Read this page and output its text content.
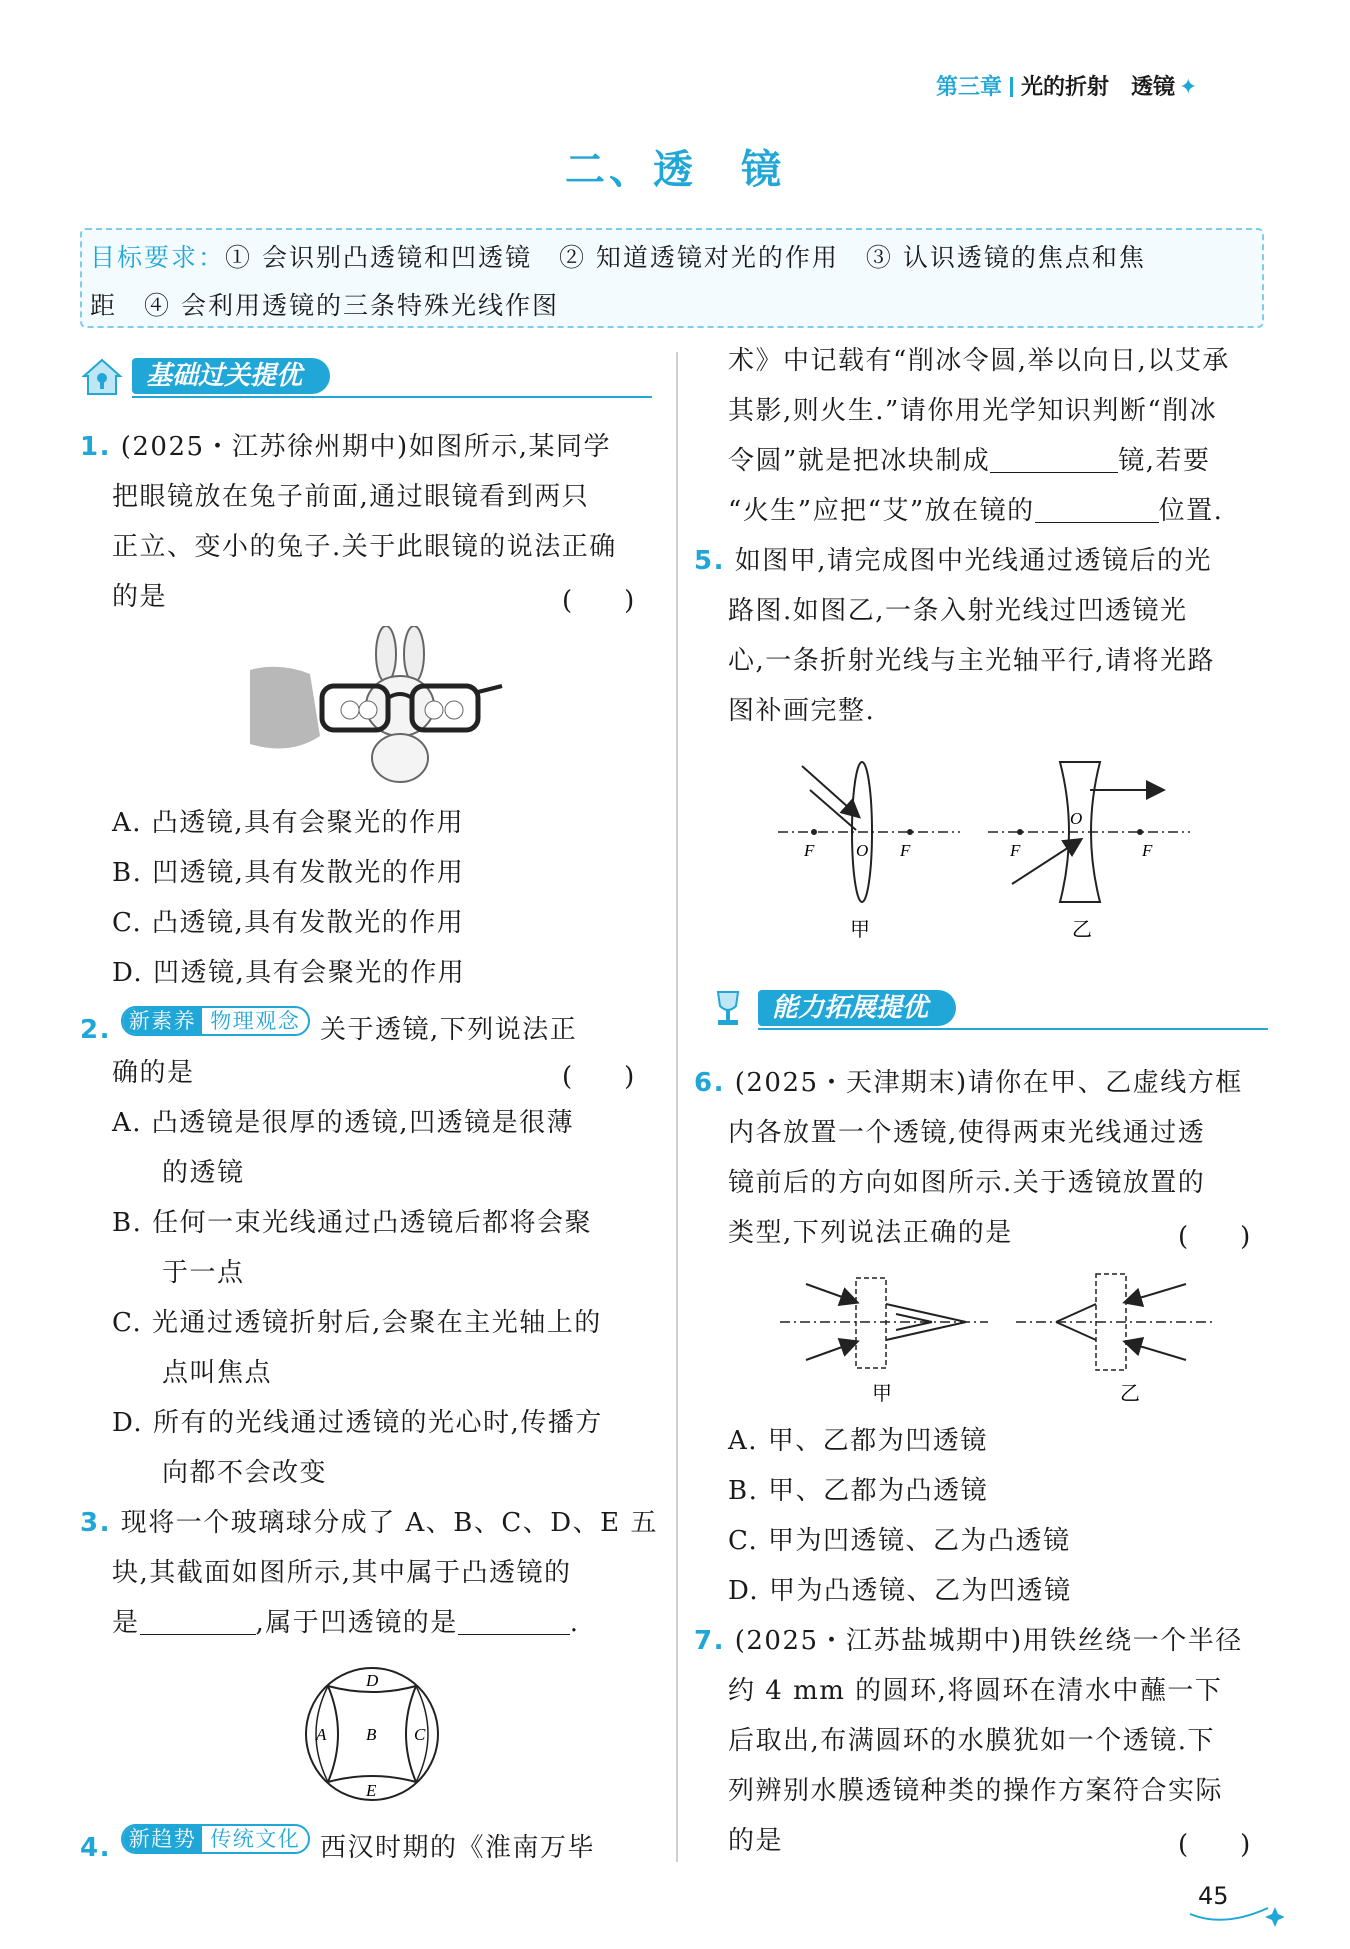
第三章 光的折射　透镜 ✦
二、透　镜
目标要求：① 会识别凸透镜和凹透镜　② 知道透镜对光的作用　③ 认识透镜的焦点和焦
距　④ 会利用透镜的三条特殊光线作图
基础过关提优
1. (2025・江苏徐州期中)如图所示,某同学
把眼镜放在兔子前面,通过眼镜看到两只
正立、变小的兔子.关于此眼镜的说法正确
的是	(　　)
A. 凸透镜,具有会聚光的作用
B. 凹透镜,具有发散光的作用
C. 凸透镜,具有发散光的作用
D. 凹透镜,具有会聚光的作用
2. 新素养 物理观念 关于透镜,下列说法正
确的是	(　　)
A. 凸透镜是很厚的透镜,凹透镜是很薄
的透镜
B. 任何一束光线通过凸透镜后都将会聚
于一点
C. 光通过透镜折射后,会聚在主光轴上的
点叫焦点
D. 所有的光线通过透镜的光心时,传播方
向都不会改变
3. 现将一个玻璃球分成了 A、B、C、D、E 五
块,其截面如图所示,其中属于凸透镜的
是	,属于凹透镜的是	.
D
B
A	C
E
4. 新趋势 传统文化 西汉时期的《淮南万毕
术》中记载有“削冰令圆,举以向日,以艾承
其影,则火生.”请你用光学知识判断“削冰
令圆”就是把冰块制成	镜,若要
“火生”应把“艾”放在镜的	位置.
5. 如图甲,请完成图中光线通过透镜后的光
路图.如图乙,一条入射光线过凹透镜光
心,一条折射光线与主光轴平行,请将光路
图补画完整.
F O F
甲
F
O
F
乙
能力拓展提优
6. (2025・天津期末)请你在甲、乙虚线方框
内各放置一个透镜,使得两束光线通过透
镜前后的方向如图所示.关于透镜放置的
类型,下列说法正确的是	(　　)
甲	乙
A. 甲、乙都为凹透镜
B. 甲、乙都为凸透镜
C. 甲为凹透镜、乙为凸透镜
D. 甲为凸透镜、乙为凹透镜
7. (2025・江苏盐城期中)用铁丝绕一个半径
约 4 mm 的圆环,将圆环在清水中蘸一下
后取出,布满圆环的水膜犹如一个透镜.下
列辨别水膜透镜种类的操作方案符合实际
的是	(　　)
45
